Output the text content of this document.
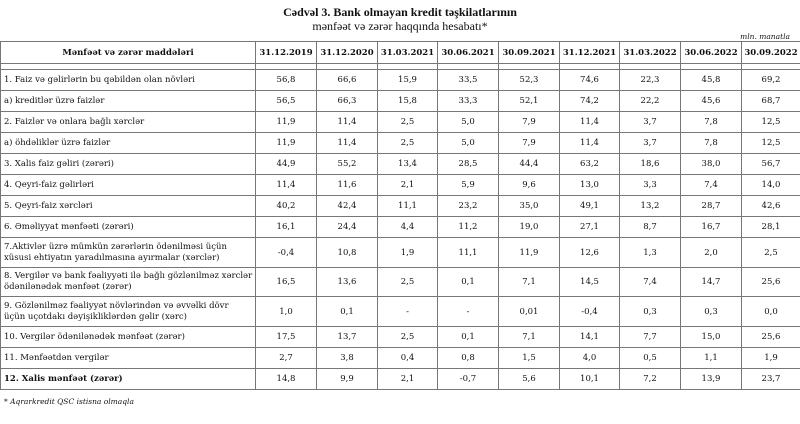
Cədvəl 3. Bank olmayan kredit təşkilatlarının
mənfəət və zərər haqqında hesabatı*
mln. manatla
Mənfəət və zərər maddələri	31.12.2019	31.12.2020	31.03.2021	30.06.2021	30.09.2021	31.12.2021	31.03.2022	30.06.2022	30.09.2022

1. Faiz və gəlirlərin bu qəbildən olan növləri	56,8	66,6	15,9	33,5	52,3	74,6	22,3	45,8	69,2
a) kreditlər üzrə faizlər	56,5	66,3	15,8	33,3	52,1	74,2	22,2	45,6	68,7
2. Faizlər və onlara bağlı xərclər	11,9	11,4	2,5	5,0	7,9	11,4	3,7	7,8	12,5
a) öhdəliklər üzrə faizlər	11,9	11,4	2,5	5,0	7,9	11,4	3,7	7,8	12,5
3. Xalis faiz gəliri (zərəri)	44,9	55,2	13,4	28,5	44,4	63,2	18,6	38,0	56,7
4. Qeyri-faiz gəlirləri	11,4	11,6	2,1	5,9	9,6	13,0	3,3	7,4	14,0
5. Qeyri-faiz xərcləri	40,2	42,4	11,1	23,2	35,0	49,1	13,2	28,7	42,6
6. Əməliyyat mənfəəti (zərəri)	16,1	24,4	4,4	11,2	19,0	27,1	8,7	16,7	28,1

7.Aktivlər üzrə mümkün zərərlərin ödənilməsi üçün
xüsusi ehtiyatın yaradılmasına ayırmalar (xərclər)	-0,4	10,8	1,9	11,1	11,9	12,6	1,3	2,0	2,5

8. Vergilər və bank fəaliyyəti ilə bağlı gözlənilməz xərclər
ödənilənədək mənfəət (zərər)	16,5	13,6	2,5	0,1	7,1	14,5	7,4	14,7	25,6

9. Gözlənilməz fəaliyyət növlərindən və əvvəlki dövr
üçün uçotdakı dəyişikliklərdən gəlir (xərc)	1,0	0,1	-	-	0,01	-0,4	0,3	0,3	0,0
10. Vergilər ödənilənədək mənfəət (zərər)	17,5	13,7	2,5	0,1	7,1	14,1	7,7	15,0	25,6
11. Mənfəətdən vergilər	2,7	3,8	0,4	0,8	1,5	4,0	0,5	1,1	1,9
12. Xalis mənfəət (zərər)	14,8	9,9	2,1	-0,7	5,6	10,1	7,2	13,9	23,7
* Aqrarkredit QSC istisna olmaqla
